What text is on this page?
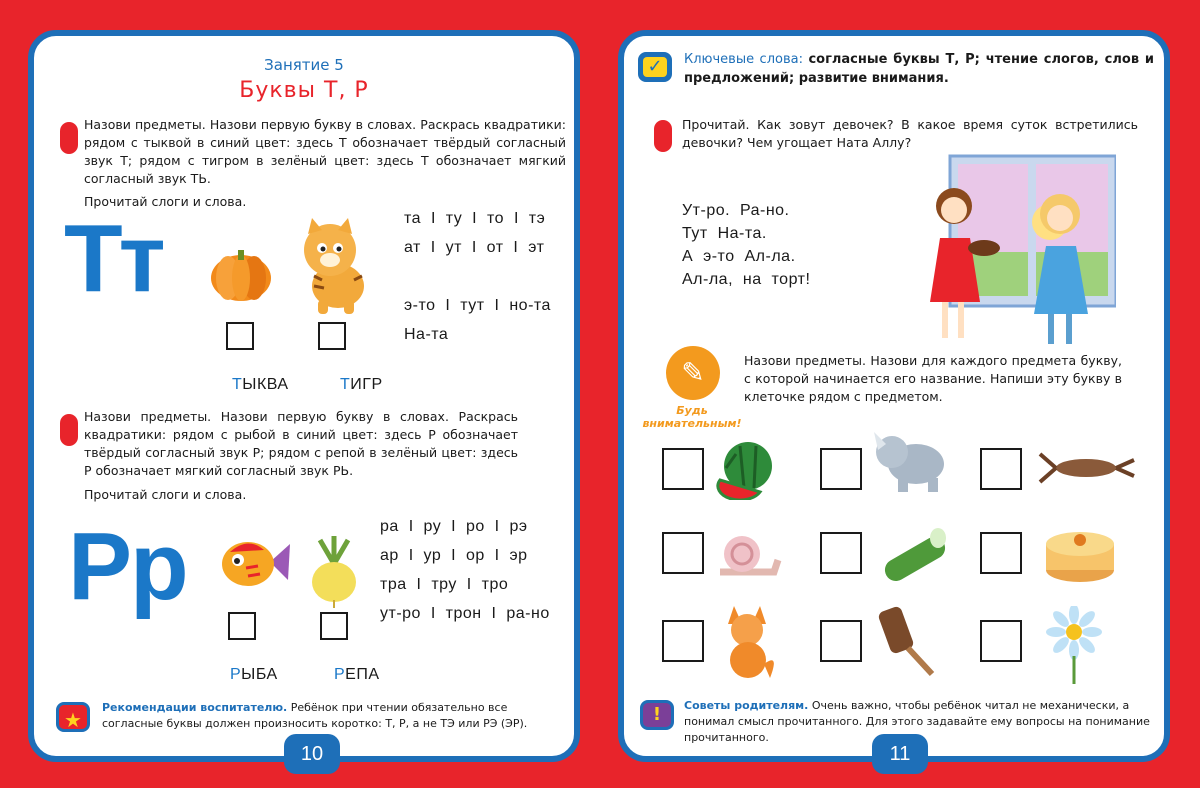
Занятие 5
Буквы Т, Р
Назови предметы. Назови первую букву в словах. Раскрась квадратики: рядом с тыквой в синий цвет: здесь Т обозначает твёрдый согласный звук Т; рядом с тигром в зелёный цвет: здесь Т обозначает мягкий согласный звук ТЬ.
Прочитай слоги и слова.
Тт
ТЫКВА	ТИГР
та  I  ту  I  то  I  тэ
ат  I  ут  I  от  I  эт
э-то  I  тут  I  но-та
На-та
Назови предметы. Назови первую букву в словах. Раскрась квадратики: рядом с рыбой в синий цвет: здесь Р обозначает твёрдый согласный звук Р; рядом с репой в зелёный цвет: здесь Р обозначает мягкий согласный звук РЬ.
Прочитай слоги и слова.
Рр
РЫБА	РЕПА
ра  I  ру  I  ро  I  рэ
ар  I  ур  I  ор  I  эр
тра  I  тру  I  тро
ут-ро  I  трон  I  ра-но
★
Рекомендации воспитателю. Ребёнок при чтении обязательно все согласные буквы должен произносить коротко: Т, Р, а не ТЭ или РЭ (ЭР).
10
✓	Ключевые слова: согласные буквы Т, Р; чтение слогов, слов и предложений; развитие внимания.
Прочитай. Как зовут девочек? В какое время суток встретились девочки? Чем угощает Ната Аллу?
Ут-ро.  Ра-но.
Тут  На-та.
А  э-то  Ал-ла.
Ал-ла,  на  торт!
✎
Будь
внимательным!
Назови предметы. Назови для каждого предмета букву, с которой начинается его название. Напиши эту букву в клеточке рядом с предметом.
!	Советы родителям. Очень важно, чтобы ребёнок читал не механически, а понимал смысл прочитанного. Для этого задавайте ему вопросы на понимание прочитанного.
11
